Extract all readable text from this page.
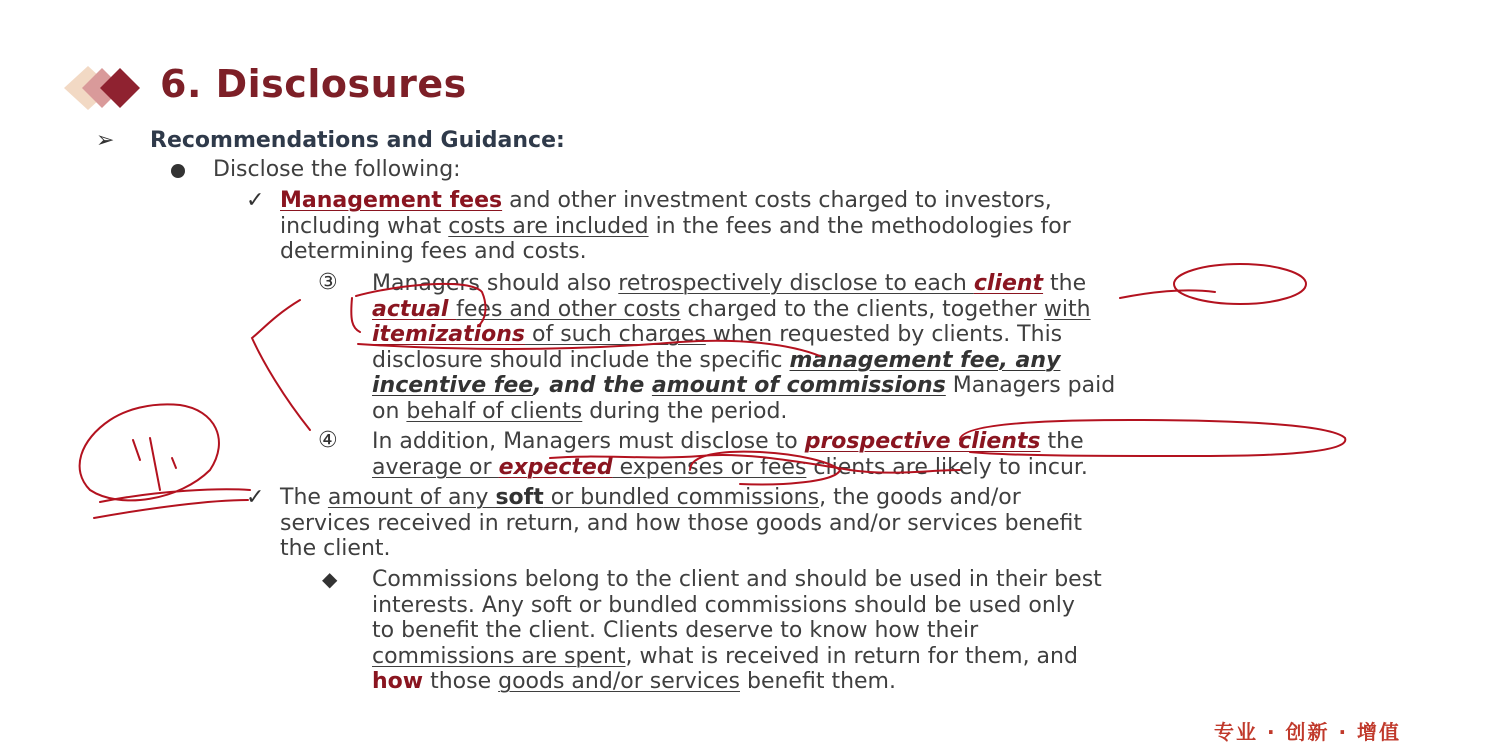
6. Disclosures
➢ Recommendations and Guidance:
Disclose the following:
✓ Management fees and other investment costs charged to investors,
including what costs are included in the fees and the methodologies for
determining fees and costs.
③ Managers should also retrospectively disclose to each client the
actual fees and other costs charged to the clients, together with
itemizations of such charges when requested by clients. This
disclosure should include the specific management fee, any
incentive fee, and the amount of commissions Managers paid
on behalf of clients during the period.
④ In addition, Managers must disclose to prospective clients the
average or expected expenses or fees clients are likely to incur.
✓ The amount of any soft or bundled commissions, the goods and/or
services received in return, and how those goods and/or services benefit
the client.
◆ Commissions belong to the client and should be used in their best
interests. Any soft or bundled commissions should be used only
to benefit the client. Clients deserve to know how their
commissions are spent, what is received in return for them, and
how those goods and/or services benefit them.
专业 · 创新 · 增值
